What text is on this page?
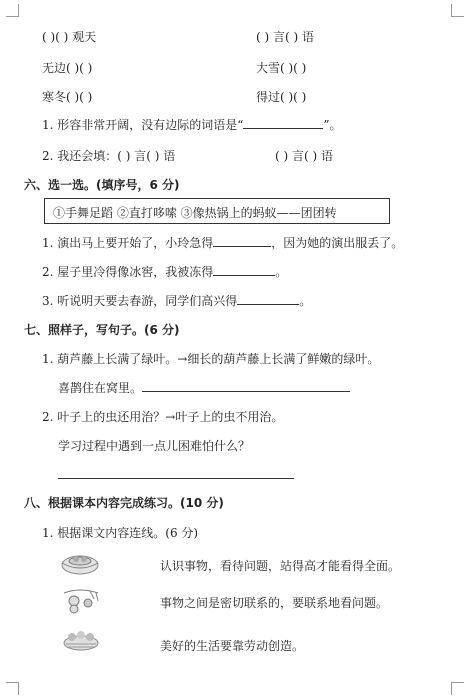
( )( ) 观天	( ) 言( ) 语
无边( )( )	大雪( )( )
寒冬( )( )	得过( )( )
1. 形容非常开阔，没有边际的词语是“	”。
2. 我还会填：( ) 言( ) 语	( ) 言( ) 语
六、选一选。(填序号，6 分)
①手舞足蹈 ②直打哆嗦 ③像热锅上的蚂蚁——团团转
1. 演出马上要开始了，小玲急得	，因为她的演出服丢了。
2. 屋子里冷得像冰窖，我被冻得	。
3. 听说明天要去春游，同学们高兴得	。
七、照样子，写句子。(6 分)
1. 葫芦藤上长满了绿叶。→细长的葫芦藤上长满了鲜嫩的绿叶。
喜鹊住在窝里。
2. 叶子上的虫还用治？→叶子上的虫不用治。
学习过程中遇到一点儿困难怕什么？
八、根据课本内容完成练习。(10 分)
1. 根据课文内容连线。(6 分)
认识事物，看待问题，站得高才能看得全面。
事物之间是密切联系的，要联系地看问题。
美好的生活要靠劳动创造。
